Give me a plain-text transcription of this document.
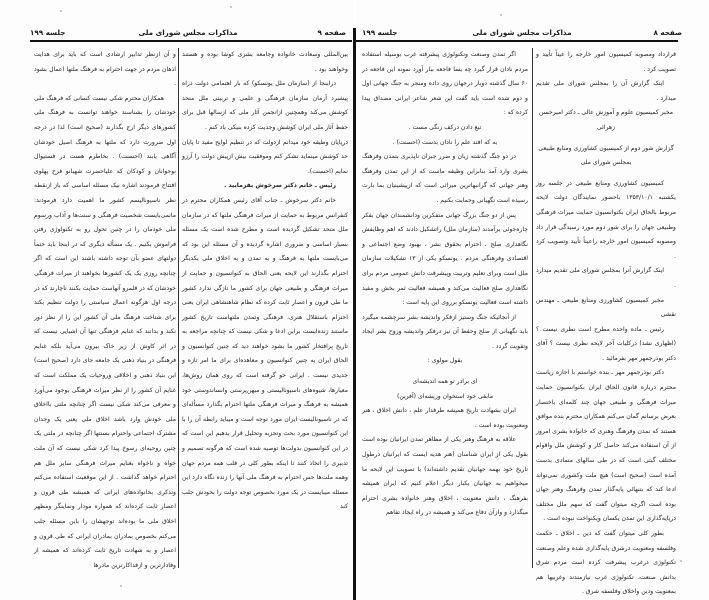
صفحه ۹
مذاکرات مجلس شورای ملی
جلسه ۱۹۹

بین‌المللی وسعادت خانواده وجامعه بشری کوشا بوده و هستند وخواهند بود .

دراینجا از (سازمان ملل یونسکو) که بار اهتمامی دولت دراه پیشبرد آرمان سازمان فرهنگی و علمی و تربیتی ملل متحد کوشش می‌کند وهمچنین ازانجمن آثار ملی که ازسالها قبل برای حفظ آثار ملی ایران کوشش وجدیت کرده بنیکی یاد کنم .

درپایان وظیفه خود میدانم ازدولت که در تنظیم لوایح مفید تا پایان حد کوشش مینماید تشکر کنم وموفقیت بیش ازپیش دولت را آرزو نمایم (احسنت).

رئیس ـ خانم دکتر سرخوش بفرمایید .

خانم دکتر سرخوش ـ جناب آقای رئیس همکاران محترم در کنفرانس مربوط به حمایت از میراث فرهنگی ملتها که در سازمان ملل متحد تشکیل گردیده است و مطرح شده است یک مسئله بسیار اساسی و ضروری اشاره گردیده و آن مسئله این بود که می‌بایست ملتها به فرهنگ و به تمدن و به اخلاق ملی یکدیگر احترام بگذارند این لایحه یعنی الحاق به کنوانسیون و حمایت از میراث فرهنگی و طبیعی جهان برای کشور ما تازگی ندارد کشور ما طی قرون و اعصار ثابت کرده که نظام شاهنشاهی ایران یعنی احترام باستقلال هنری، فرهنگی وتمدن ملتهاست تاریخ کشور ماستند زنده‌ایست براین ادعا و شکی نیست که چنانچه مراجعه به تاریخ پرافتخار کشور ما بشود خواهند دید که چنین کنوانسیون و الحاق ایران به چنین کنوانسیون و معاهده‌ای برای ما امر تازه و جدیدی نیست . ایرانی خو گرفته است که روی همان روش‌ها، معیارها، شیوه‌های ناسیونالیستی و میهن‌پرستی وانساندوستی خود همیشه به فرهنگ و میراث فرهنگی ملتها احترام بگذارد مسأله‌ای که در ناسیونالیست ایران مورد توجه است و میباید رابطه آن را با این کنوانسیون مورد بحث وتجزیه وتحلیل قرار بدهیم این است که در این کنوانسیون بدولت‌ها توصیه شده است که هرگونه تصمیم و تدبیری را اتخاذ کنند تا اینکه بطور کلی در قلب همه مردم جهان وهمه ملت‌ها حس احترام به فرهنگ ملی آنها را زنده نگاه دارد این مسئله میبایست در یک مورد بخصوص توجه دولت را بخودش جلب کند

و آن ازنظر تدابیر ارشادی است که باید برای هدایت اذهان مردم در جهت احترام به فرهنگ ملتها اعمال بشود .

همکاران محترم شکی نیست کسانی که فرهنگ ملی خودشان را بشناسند خواهند توانست به فرهنگ ملی کشورهای دیگر ارج بگذارند (صحیح است) لذا در درجه اول ضرورت دارد که ملتها به فرهنگ اصیل خودشان آگاهی یابند (احسنت) . بخاطرم هست در فستیوال نوجوانان و کودکان که علیاحضرت شهبانو فرح پهلوی افتتاح فرمودند اشاره بیک مسئله اساسی که باز ازنقطه نظر ناسیونالیسم کشور ما اهمیت دارد فرمودند: مانمی‌بایست شخصیت فرهنگی و سنت‌ها و آداب ورسوم ملی خودمان را در چنین تحول رو به تکنولوژی رفتن فراموش بکنیم . یک مسأله دیگری که در اینجا باید حتماً دولتهای عضو بآن توجه داشته باشند این است که اگر چنانچه روزی یک یک کشورها بخواهند از میراث فرهنگی خودشان که در قلمرو آنهاست حمایت بکنند ناچارند که در درجه اول هرگونه اعمال سیاستی را دولت تنظیم بکند برای شناخت فرهنگ ملی آن کشور این را از نظر دور نکند و بدانند که غنایم فرهنگی تنها آن اشیایی نیست که در اثر کاوش از زیر خاک بیرون می‌آید بلکه غنایم فرهنگی در بنیاد ذهنی یک جامعه جای دارد (صحیح است) این بنیاد ذهنی و اخلاقی وروحیات یک مملکت است که غنایم آن کشور را از نظر میراث فرهنگی بوجود می‌آورد و معرفی می‌کند شکی نیست اگر چنانچه ملتی بااخلاق ملی خودش وارد باشد اخلاق ملی یعنی یک وجدان مشترک اجتماعی واحترام بسنتها اگر چنانچه در ملتی یک چنین روحیه‌ای رسوخ پیدا کرد شکی نیست که آن ملت خواه و ناخواه بغنایم میراث فرهنگی سایر ملل هم احترام خواهد گذاشت . از این موقعیت استفاده می‌کنم وتذکری بخانواده‌های ایرانی که همیشه طی قرون و اعصار ثابت کرده‌اند که همواره مودار ونماینگر ومظهر اخلاق ملی ما بوده‌اند توجهشان را باین مسئله جلب می‌کنم بخصوص بمادران بمادران ایرانی که طی قرون و اعصار و به شهادت تاریخ ثابت کرده‌اند که همیشه از وفادارترین و ازفداکارترین مادرها

صفحه ۸
مذاکرات مجلس شورای ملی
جلسه ۱۹۹

قرارداد ومصوبه کمیسیون امور خارجه را عیناً تأیید و تصویب کرد .

اینک گزارش آن را بمجلس شورای ملی تقدیم میدارد .

مخبر کمیسیون علوم و آموزش عالی ـ دکتر امیرحسن زهرائی

گزارش شور دوم از کمیسیون کشاورزی ومنابع طبیعی بمجلس شورای ملی

کمیسیون کشاورزی ومنابع طبیعی در جلسه روز یکشنبه ۱۳۵۳/۱۰/۱ باحضور نمایندگان دولت لایحه مربوط بالحاق ایران بکنوانسیون حمایت میراث فرهنگی وطبیعی جهان را برای شور دوم مورد رسیدگی قرار داد ومصوبه کمیسیون امور خارجه راعیناً تأیید وتصویب کرد .

اینک گزارش آنرا بمجلس شورای ملی تقدیم میدارد .

مخبر کمیسیون کشاورزی ومنابع طبیعی ـ مهندس نقشی

رئیس ـ ماده واحده مطرح است نظری نیست ؟ (اظهاری نشد) درکلیات آخر لایحه نظری نیست ؟ آقای دکتر بوذرجمهر مهر بفرمائید .

دکتر بوذرجمهر مهر ـ بنده خواستم با اجازه ریاست محترم درباره قانون الحاق ایران بکنوانسیون حمایت میراث فرهنگی و طبیعی جهان چند کلمه‌ای باختصار بعرض برسانم گمان می‌کنم همکاران محترم بنده موافق هستند که تمدن وفرهنگ وهنری که خانواده بشری امروز از آن استفاده می‌کند حاصل کار و کوشش ملل واقوام مختلف گیتی است که در طی سالهای متمادی بدست آمده است (صحیح است) هیچ ملت وکشوری نمی‌تواند ادعا کند که بتنهائی پایه‌گذار تمدن وفرهنگ وهنر جهان بوده است اگرچه میتوان گفت که سهم ملل مختلف درپایه‌گذاری این تمدن یکسان ویکنواخت نبوده است .

بطور کلی میتوان گفت که دین ـ اخلاق ـ حکمت وفلسفه ومعنویت درشرق پایه‌گذاری شده وعلم وصنعت تکنولوژی درغرب پیشرفت کرده است مردم شرق بدانش صنعت، تکنولوژی غرب نیازمندند وغربیها هم بمعنویت ودین واخلاق وفلسفه شرق .

اگر تمدن وصنعت وتکنولوژی پیشرفته غرب بوسیله استفاده مردم نادان قرار گیرد چه بسا فاجعه ببار آورد نمونه این فاجعه در ۶۰ سال گذشته دوبار درجهان روی داده ومنجر به جنگ جهانی اول و دوم شده است باید گفت این شعر شاعر ایرانی مصداق پیدا کرده که :

تیغ دادن درکف زنگی مست .

به که افتد علم را نادان بدست (احسنت) .

در دو جنگ گذشته زیان و ضرر جبران ناپذیری بتمدن وفرهنگ بشری وارد آمد بنابراین وظیفه ماست که از این تمدن وفرهنگ وهنر جهانی که گرانبهاترین میراثی است که ازپیشینیان بما بارث رسیده است نگهبانی وحمایت بکنیم .

پس از دو جنگ بزرگ جهانی متفکرین ودانشمندان جهان بفکر چاره‌جوئی برآمدند (سازمان ملل) راتشکیل دادند که اهم وظایفش نگاهداری صلح ، احترام بحقوق بشر ، بهبود وضع اجتماعی و اقتصادی وفرهنگی مردم . یونسکو یکی از ۱۳ تشکیلات سازمان ملل است وبرای تعلیم وتربیت وپیشرفت دانش عمومی مردم برای نگاهداری صلح فعالیت می‌کند و همیشه فعالیت ثمر بخش و مفید داشته است فعالیت یونسکو برروی این پایه است :

از آنجائیکه جنگ وستیز ازفکر واندیشه بشر سرچشمه میگیرد باید نگهبانی از صلح وحفظ آن نیز درفکر واندیشه وروح بشر ایجاد وتقویت گردد .

بقول مولوی :

ای برادر تو همه اندیشه‌ای

مابقی خود استخوان وریشه‌ای (آفرین)

ایران بشهادت تاریخ همیشه طرفدار علم ، دانش اخلاق ، هنر ومعنویت بوده است .

علاقه به فرهنگ وهنر یکی از مظاهر تمدن ایرانیان بوده است بقول یکی از ایران شناسان (هنر هدیه ایست که ایرانیان درطول تاریخ خود بهمه جهانیان تقدیم داشته‌اند) با تصویب این لایحه ما میخواهیم به جهانیان یکبار دیگر اعلام کنیم که ایران همیشه بفرهنگ ، دانش معنویت ، اخلاق وهنر خانواده بشری احترام میگذارد و وازآن دفاع می‌کند و همیشه در راه ایجاد تفاهم
